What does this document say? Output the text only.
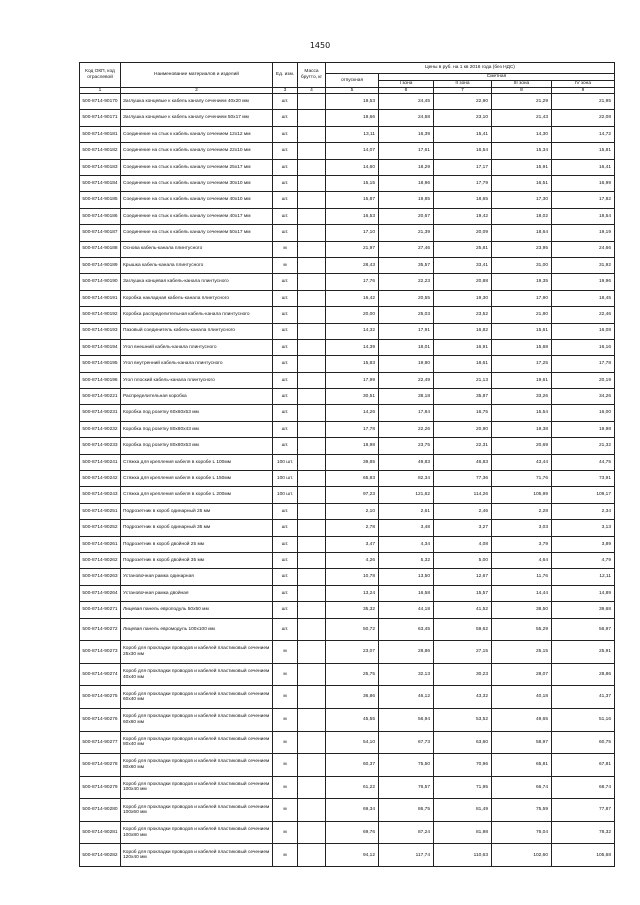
1450
Код ОКП, код отраслевой	Наименование материалов и изделий	Ед. изм.	Масса брутто, кг	Цены в руб. на 1 кв 2016 года (без НДС)				
				отпускная	Сметная			
					I зона	II зона	III зона	IV зона
1	2	3	4	5	6	7	8	9
500-8714-90170	Заглушка концевые к кабель каналу сечением 40x20 мм	шт.		19,53	24,45	22,90	21,29	21,95
500-8714-90171	Заглушка концевые к кабель каналу сечением 50x17 мм	шт.		19,66	24,58	23,10	21,43	22,08
500-8714-90181	Соединение на стык к кабель каналу сечением 12x12 мм	шт.		13,11	16,39	15,41	14,30	14,72
500-8714-90182	Соединение на стык к кабель каналу сечением 22x10 мм	шт.		14,07	17,61	16,54	15,34	15,81
500-8714-90183	Соединение на стык к кабель каналу сечением 25x17 мм	шт.		14,60	18,29	17,17	15,91	16,41
500-8714-90184	Соединение на стык к кабель каналу сечением 30x10 мм	шт.		15,15	18,96	17,79	16,51	16,99
500-8714-90185	Соединение на стык к кабель каналу сечением 40x10 мм	шт.		15,87	19,85	18,65	17,30	17,82
500-8714-90186	Соединение на стык к кабель каналу сечением 40x17 мм	шт.		16,53	20,67	19,42	18,02	18,54
500-8714-90187	Соединение на стык к кабель каналу сечением 50x17 мм	шт.		17,10	21,39	20,09	18,64	19,19
500-8714-90188	Основа кабель-канала плинтусного	м		21,97	27,46	25,81	23,95	24,66
500-8714-90189	Крышка кабель-канала плинтусного	м		28,43	35,57	33,41	31,00	31,92
500-8714-90190	Заглушка концевая кабель-канала плинтусного	шт.		17,76	22,23	20,88	19,35	19,96
500-8714-90191	Коробка накладная кабель-канала плинтусного	шт.		16,42	20,55	19,30	17,90	18,45
500-8714-90192	Коробка распределительная кабель-канала плинтусного	шт.		20,00	25,03	23,52	21,80	22,46
500-8714-90193	Пазовый соединитель кабель-канала плинтусного	шт.		14,32	17,91	16,82	15,61	16,08
500-8714-90194	Угол внешний кабель-канала плинтусного	шт.		14,39	18,01	16,91	15,68	16,16
500-8714-90195	Угол внутренний кабель-канала плинтусного	шт.		15,83	19,80	18,61	17,25	17,78
500-8714-90196	Угол плоский кабель-канала плинтусного	шт.		17,99	22,49	21,13	19,61	20,19
500-8714-90221	Распределительная коробка	шт.		30,51	38,18	35,87	33,26	34,26
500-8714-90231	Коробка под розетку 60x60x53 мм	шт.		14,26	17,84	16,75	15,54	16,00
500-8714-90232	Коробка под розетку 80x80x43 мм	шт.		17,78	22,26	20,90	19,38	19,98
500-8714-90233	Коробка под розетку 80x80x53 мм	шт.		18,98	23,75	22,31	20,69	21,32
500-8714-90241	Стяжка для крепления кабеля в коробе L 100мм	100 шт.		39,85	49,83	46,83	43,44	44,75
500-8714-90242	Стяжка для крепления кабеля в коробе L 150мм	100 шт.		65,83	82,34	77,36	71,76	73,91
500-8714-90243	Стяжка для крепления кабеля в коробе L 200мм	100 шт.		97,23	121,62	114,26	105,99	109,17
500-8714-90251	Подрозетник в короб одинарный 25 мм	шт.		2,10	2,61	2,46	2,28	2,34
500-8714-90252	Подрозетник в короб одинарный 35 мм	шт.		2,78	3,48	3,27	3,03	3,13
500-8714-90261	Подрозетник в короб двойной 25 мм	шт.		3,47	4,34	4,08	3,79	3,89
500-8714-90262	Подрозетник в короб двойной 35 мм	шт.		4,26	5,32	5,00	4,64	4,79
500-8714-90263	Установочная рамка одинарная	шт.		10,78	13,50	12,67	11,76	12,11
500-8714-90264	Установочная рамка двойная	шт.		13,24	16,58	15,57	14,44	14,89
500-8714-90271	Лицевая панель европодуль 50x50 мм	шт.		35,32	44,18	41,52	38,50	39,68
500-8714-90272	Лицевая панель евромодуль 100x100 мм	шт.		50,72	63,45	59,62	55,29	56,97
500-8714-90273	Короб для прокладки проводов и кабелей пластиковый сечением 25x30 мм	м		23,07	28,86	27,15	25,15	25,91
500-8714-90274	Короб для прокладки проводов и кабелей пластиковый сечением 40x40 мм	м		25,75	32,13	30,23	28,07	28,86
500-8714-90275	Короб для прокладки проводов и кабелей пластиковый сечением 60x40 мм	м		36,86	46,12	43,32	40,18	41,37
500-8714-90276	Короб для прокладки проводов и кабелей пластиковый сечением 60x60 мм	м		45,55	56,94	53,52	49,65	51,16
500-8714-90277	Короб для прокладки проводов и кабелей пластиковый сечением 80x40 мм	м		54,10	67,73	63,60	58,97	60,75
500-8714-90278	Короб для прокладки проводов и кабелей пластиковый сечением 80x60 мм	м		60,37	75,50	70,96	65,81	67,81
500-8714-90279	Короб для прокладки проводов и кабелей пластиковый сечением 100x40 мм	м		61,22	76,57	71,95	66,74	68,74
500-8714-90280	Короб для прокладки проводов и кабелей пластиковый сечением 100x60 мм	м		69,34	86,75	81,49	75,59	77,87
500-8714-90281	Короб для прокладки проводов и кабелей пластиковый сечением 100x80 мм	м		69,76	87,24	81,98	76,04	78,32
500-8714-90282	Короб для прокладки проводов и кабелей пластиковый сечением 120x40 мм	м		94,12	117,74	110,63	102,60	105,68
